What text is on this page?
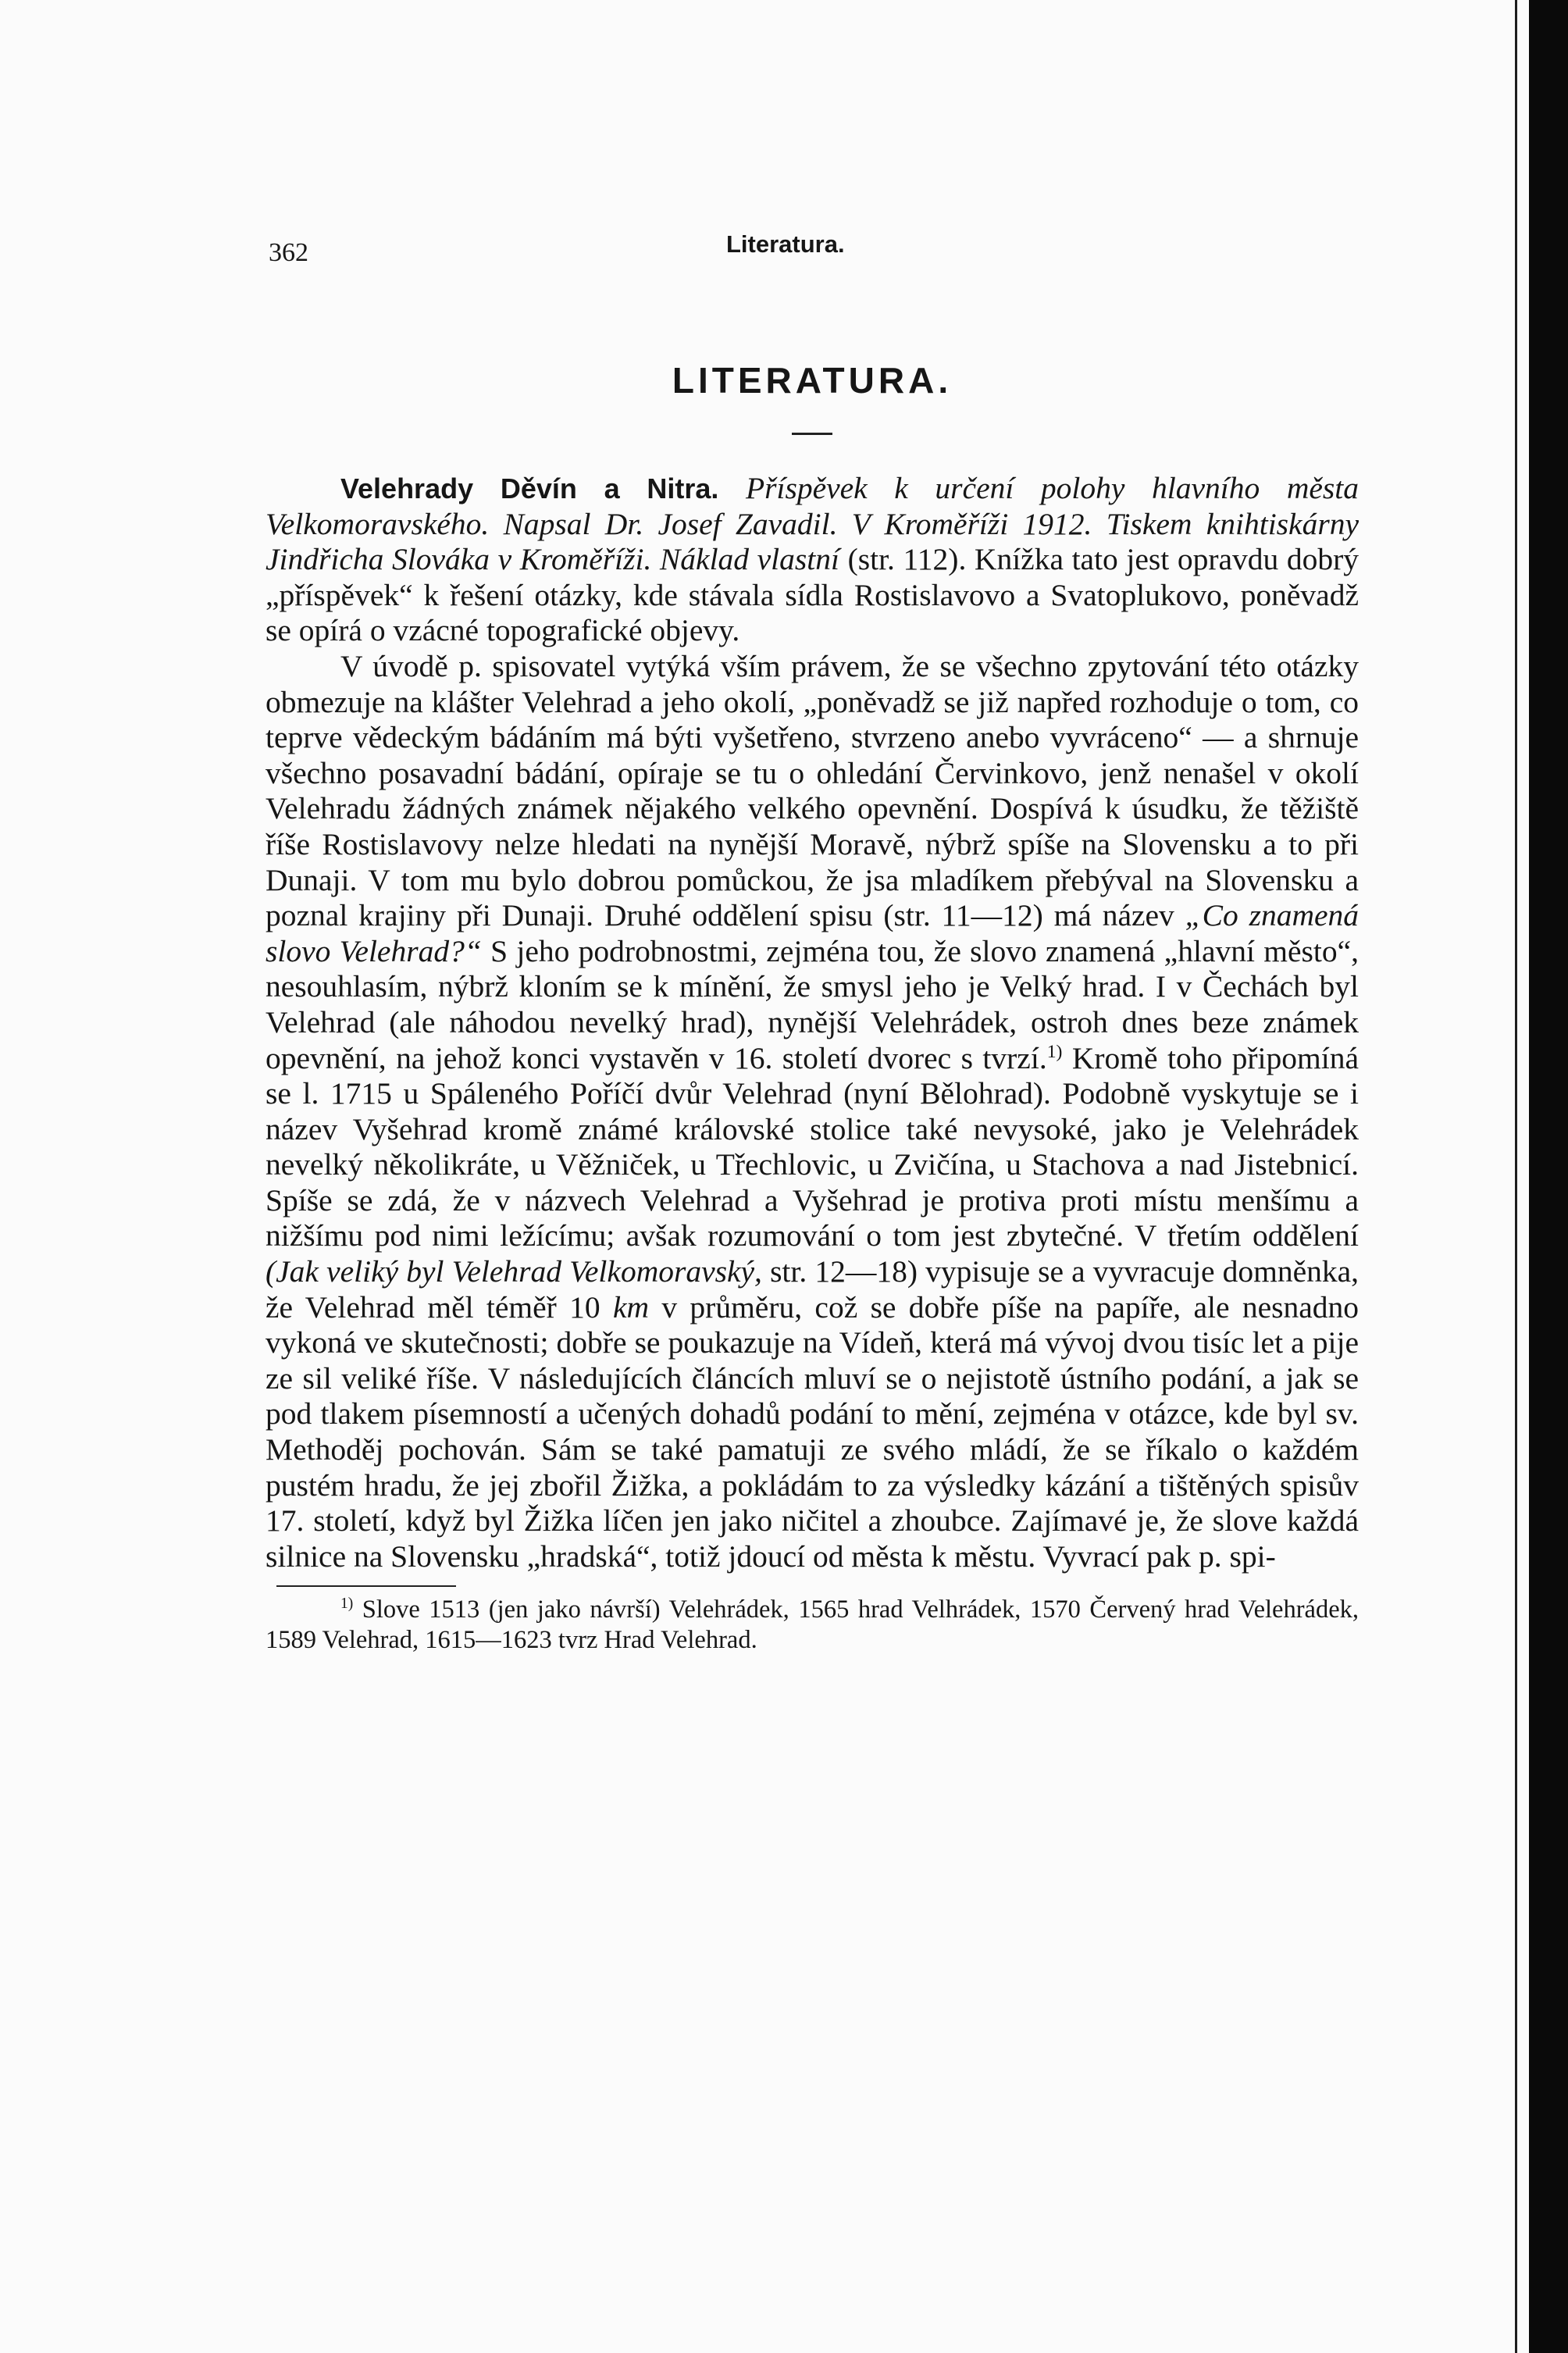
362	Literatura.
LITERATURA.

Velehrady Děvín a Nitra. Příspěvek k určení polohy hlavního města Velkomoravského. Napsal Dr. Josef Zavadil. V Kroměříži 1912. Tiskem knihtiskárny Jindřicha Slováka v Kroměříži. Náklad vlastní (str. 112). Knížka tato jest opravdu dobrý „příspěvek“ k řešení otázky, kde stávala sídla Rostislavovo a Svatoplukovo, poněvadž se opírá o vzácné topografické objevy.

V úvodě p. spisovatel vytýká vším právem, že se všechno zpytování této otázky obmezuje na klášter Velehrad a jeho okolí, „poněvadž se již napřed rozhoduje o tom, co teprve vědeckým bádáním má býti vyšetřeno, stvrzeno anebo vyvráceno“ — a shrnuje všechno posavadní bádání, opíraje se tu o ohledání Červinkovo, jenž nenašel v okolí Velehradu žádných známek nějakého velkého opevnění. Dospívá k úsudku, že těžiště říše Rostislavovy nelze hledati na nynější Moravě, nýbrž spíše na Slovensku a to při Dunaji. V tom mu bylo dobrou pomůckou, že jsa mladíkem přebýval na Slovensku a poznal krajiny při Dunaji. Druhé oddělení spisu (str. 11—12) má název „Co znamená slovo Velehrad?“ S jeho podrobnostmi, zejména tou, že slovo znamená „hlavní město“, nesouhlasím, nýbrž kloním se k mínění, že smysl jeho je Velký hrad. I v Čechách byl Velehrad (ale náhodou nevelký hrad), nynější Velehrádek, ostroh dnes beze známek opevnění, na jehož konci vystavěn v 16. století dvorec s tvrzí.$^{1)}$ Kromě toho připomíná se l. 1715 u Spáleného Poříčí dvůr Velehrad (nyní Bělohrad). Podobně vyskytuje se i název Vyšehrad kromě známé královské stolice také nevysoké, jako je Velehrádek nevelký několikráte, u Věžniček, u Třechlovic, u Zvičína, u Stachova a nad Jistebnicí. Spíše se zdá, že v názvech Velehrad a Vyšehrad je protiva proti místu menšímu a nižšímu pod nimi ležícímu; avšak rozumování o tom jest zbytečné. V třetím oddělení (Jak veliký byl Velehrad Velkomoravský, str. 12—18) vypisuje se a vyvracuje domněnka, že Velehrad měl téměř 10 km v průměru, což se dobře píše na papíře, ale nesnadno vykoná ve skutečnosti; dobře se poukazuje na Vídeň, která má vývoj dvou tisíc let a pije ze sil veliké říše. V následujících článcích mluví se o nejistotě ústního podání, a jak se pod tlakem písemností a učených dohadů podání to mění, zejména v otázce, kde byl sv. Methoděj pochován. Sám se také pamatuji ze svého mládí, že se říkalo o každém pustém hradu, že jej zbořil Žižka, a pokládám to za výsledky kázání a tištěných spisův 17. století, když byl Žižka líčen jen jako ničitel a zhoubce. Zajímavé je, že slove každá silnice na Slovensku „hradská“, totiž jdoucí od města k městu. Vyvrací pak p. spi-

$^{1)}$ Slove 1513 (jen jako návrší) Velehrádek, 1565 hrad Velhrádek, 1570 Červený hrad Velehrádek, 1589 Velehrad, 1615—1623 tvrz Hrad Velehrad.
